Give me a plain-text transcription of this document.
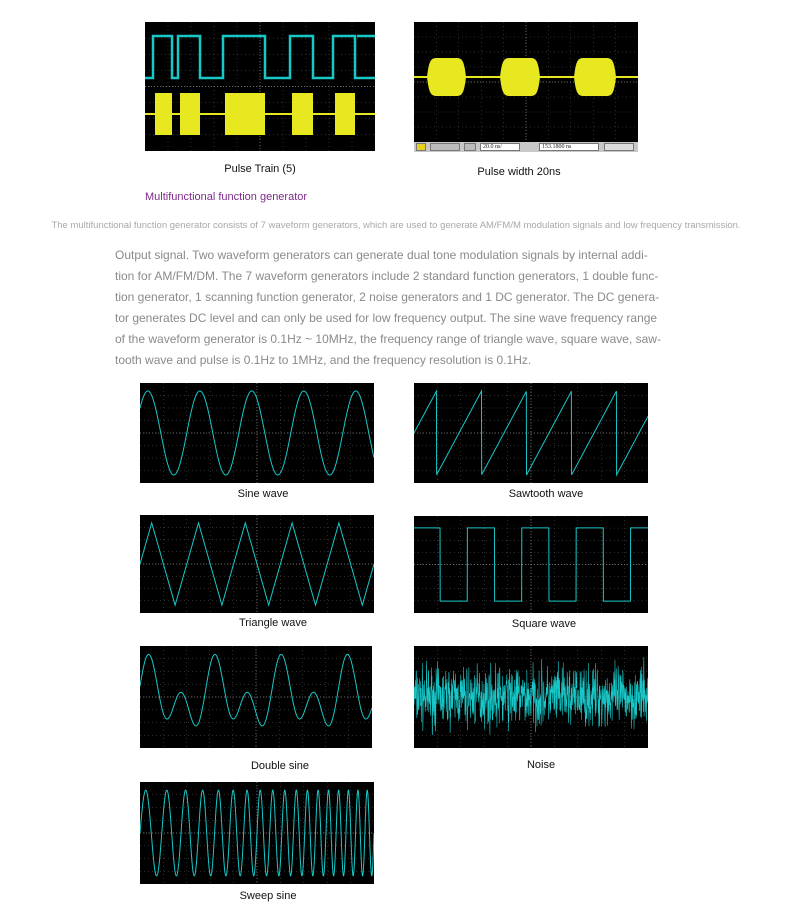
Pulse Train (5)
20.0 ns/	153.1800 ns
Pulse width 20ns
Multifunctional function generator
The multifunctional function generator consists of 7 waveform generators, which are used to generate AM/FM/M modulation signals and low frequency transmission.
Output signal. Two waveform generators can generate dual tone modulation signals by internal addi-
tion for AM/FM/DM. The 7 waveform generators include 2 standard function generators, 1 double func-
tion generator, 1 scanning function generator, 2 noise generators and 1 DC generator. The DC genera-
tor generates DC level and can only be used for low frequency output. The sine wave frequency range
of the waveform generator is 0.1Hz ~ 10MHz, the frequency range of triangle wave, square wave, saw-
tooth wave and pulse is 0.1Hz to 1MHz, and the frequency resolution is 0.1Hz.
Sine wave	Sawtooth wave
Triangle wave	Square wave
Double sine	Noise
Sweep sine
